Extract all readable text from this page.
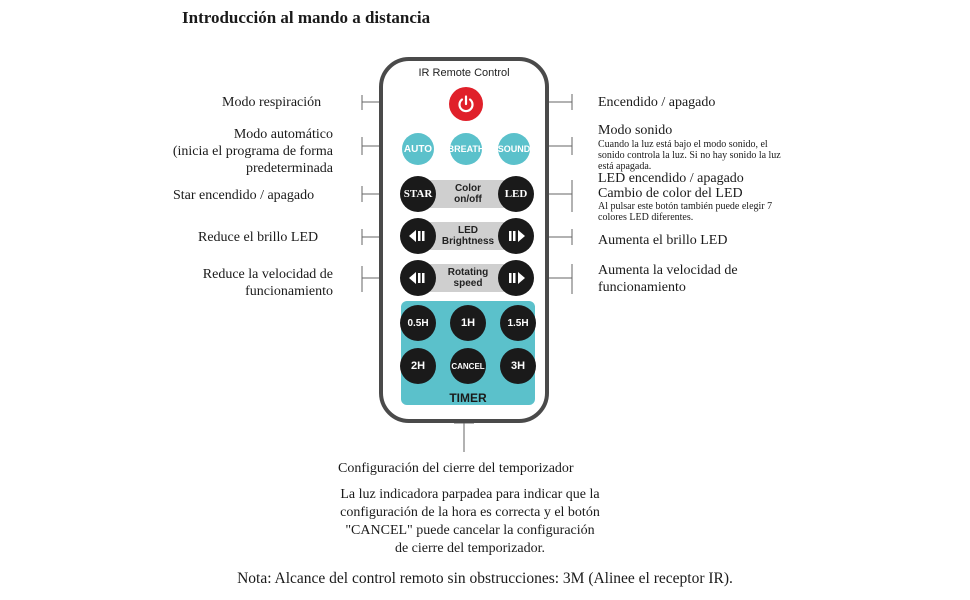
Introducción al mando a distancia
Modo respiración
Modo automático
(inicia el programa de forma
predeterminada
Star encendido / apagado
Reduce el brillo LED
Reduce la velocidad de
funcionamiento
Encendido / apagado
Modo sonido
Cuando la luz está bajo el modo sonido, el
sonido controla la luz. Si no hay sonido la luz
está apagada.
LED encendido / apagado
Cambio de color del LED
Al pulsar este botón también puede elegir 7
colores LED diferentes.
Aumenta el brillo LED
Aumenta la velocidad de
funcionamiento
IR Remote Control
AUTO BREATH SOUND
Color
on/off
STAR	LED
LED
Brightness
Rotating
speed
0.5H	1H	1.5H
2H	CANCEL	3H
TIMER
Configuración del cierre del temporizador
La luz indicadora parpadea para indicar que la
configuración de la hora es correcta y el botón
"CANCEL" puede cancelar la configuración
de cierre del temporizador.
Nota: Alcance del control remoto sin obstrucciones: 3M (Alinee el receptor IR).
